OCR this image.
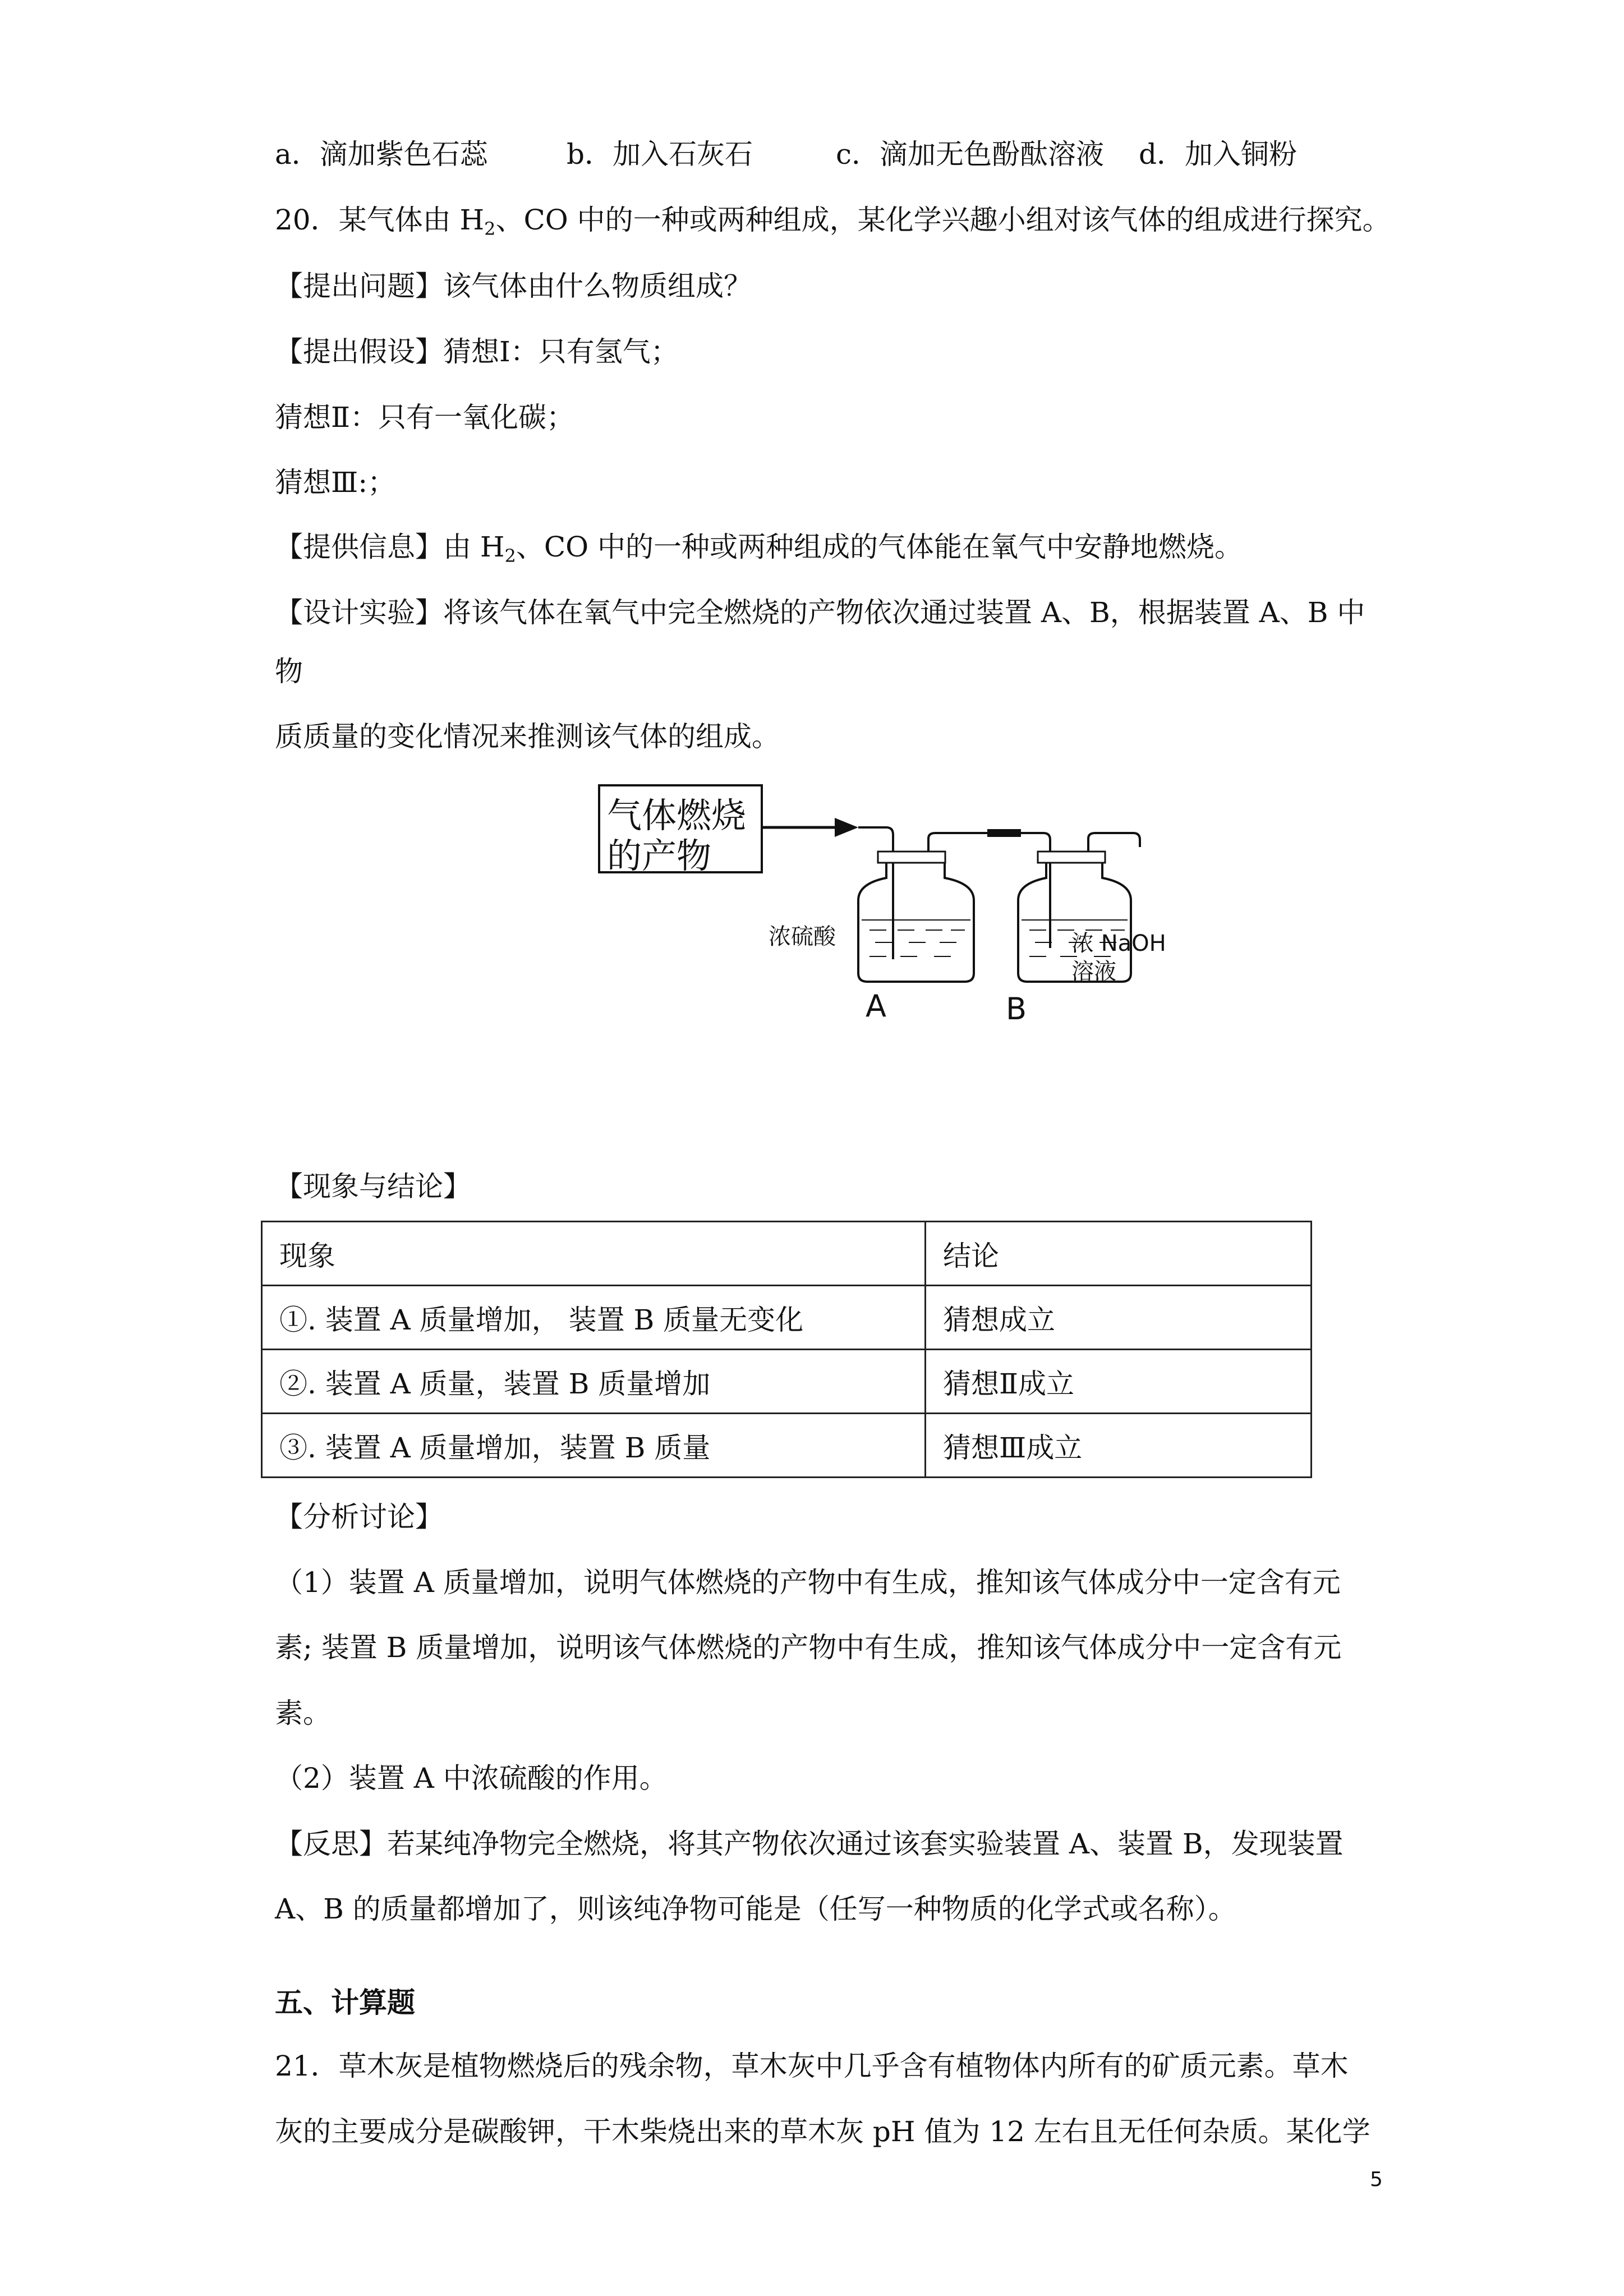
a．滴加紫色石蕊	b．加入石灰石	c．滴加无色酚酞溶液 d．加入铜粉
20．某气体由 $H_2$、CO 中的一种或两种组成，某化学兴趣小组对该气体的组成进行探究。
【提出问题】该气体由什么物质组成？
【提出假设】猜想Ⅰ：只有氢气；
猜想Ⅱ：只有一氧化碳；
猜想Ⅲ:；
【提供信息】由 $H_2$、CO 中的一种或两种组成的气体能在氧气中安静地燃烧。
【设计实验】将该气体在氧气中完全燃烧的产物依次通过装置 A、B，根据装置 A、B 中
物
质质量的变化情况来推测该气体的组成。
气体燃烧
的产物
浓硫酸	浓 NaOH
溶液
A	B
【现象与结论】
现象	结论
①. 装置 A 质量增加， 装置 B 质量无变化	猜想成立
②. 装置 A 质量，装置 B 质量增加	猜想Ⅱ成立
③. 装置 A 质量增加，装置 B 质量	猜想Ⅲ成立
【分析讨论】
（1）装置 A 质量增加，说明气体燃烧的产物中有生成，推知该气体成分中一定含有元
素; 装置 B 质量增加，说明该气体燃烧的产物中有生成，推知该气体成分中一定含有元
素。
（2）装置 A 中浓硫酸的作用。
【反思】若某纯净物完全燃烧，将其产物依次通过该套实验装置 A、装置 B，发现装置
A、B 的质量都增加了，则该纯净物可能是（任写一种物质的化学式或名称）。
五、计算题
21．草木灰是植物燃烧后的残余物，草木灰中几乎含有植物体内所有的矿质元素。草木
灰的主要成分是碳酸钾，干木柴烧出来的草木灰 pH 值为 12 左右且无任何杂质。某化学
5
